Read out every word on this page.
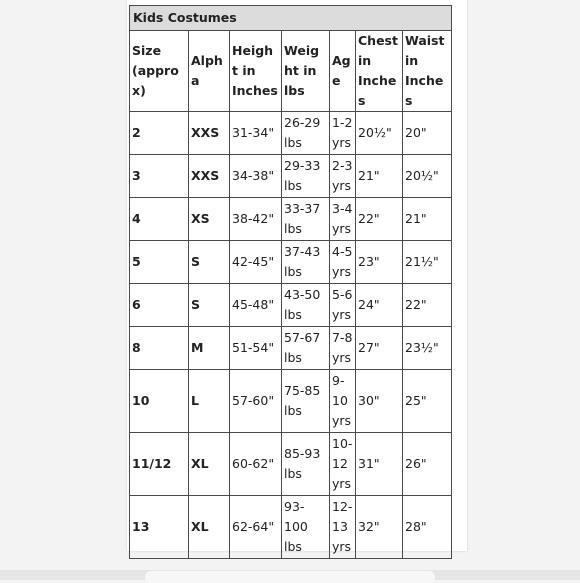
Kids Costumes						
Size (approx)	Alpha	Height in Inches	Weight in lbs	Age	Chest in Inches	Waist in Inches
2	XXS	31-34"	26-29 lbs	1-2 yrs	20½"	20"
3	XXS	34-38"	29-33 lbs	2-3 yrs	21"	20½"
4	XS	38-42"	33-37 lbs	3-4 yrs	22"	21"
5	S	42-45"	37-43 lbs	4-5 yrs	23"	21½"
6	S	45-48"	43-50 lbs	5-6 yrs	24"	22"
8	M	51-54"	57-67 lbs	7-8 yrs	27"	23½"
10	L	57-60"	75-85 lbs	9-10 yrs	30"	25"
11/12	XL	60-62"	85-93 lbs	10-12 yrs	31"	26"
13	XL	62-64"	93-100 lbs	12-13 yrs	32"	28"
